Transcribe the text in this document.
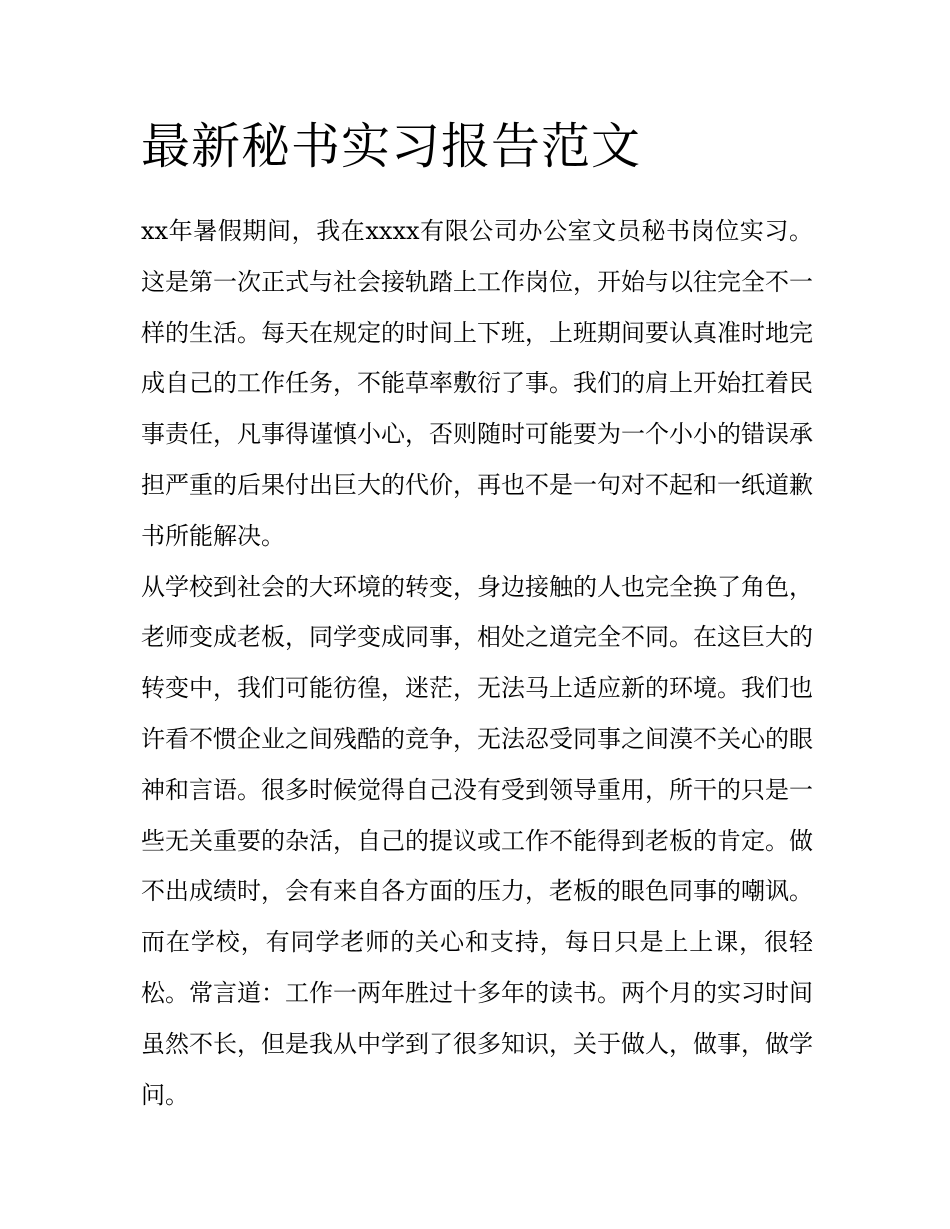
最新秘书实习报告范文

xx年暑假期间，我在xxxx有限公司办公室文员秘书岗位实习。这是第一次正式与社会接轨踏上工作岗位，开始与以往完全不一样的生活。每天在规定的时间上下班，上班期间要认真准时地完成自己的工作任务，不能草率敷衍了事。我们的肩上开始扛着民事责任，凡事得谨慎小心，否则随时可能要为一个小小的错误承担严重的后果付出巨大的代价，再也不是一句对不起和一纸道歉书所能解决。

从学校到社会的大环境的转变，身边接触的人也完全换了角色，老师变成老板，同学变成同事，相处之道完全不同。在这巨大的转变中，我们可能彷徨，迷茫，无法马上适应新的环境。我们也许看不惯企业之间残酷的竞争，无法忍受同事之间漠不关心的眼神和言语。很多时候觉得自己没有受到领导重用，所干的只是一些无关重要的杂活，自己的提议或工作不能得到老板的肯定。做不出成绩时，会有来自各方面的压力，老板的眼色同事的嘲讽。而在学校，有同学老师的关心和支持，每日只是上上课，很轻松。常言道：工作一两年胜过十多年的读书。两个月的实习时间虽然不长，但是我从中学到了很多知识，关于做人，做事，做学问。
